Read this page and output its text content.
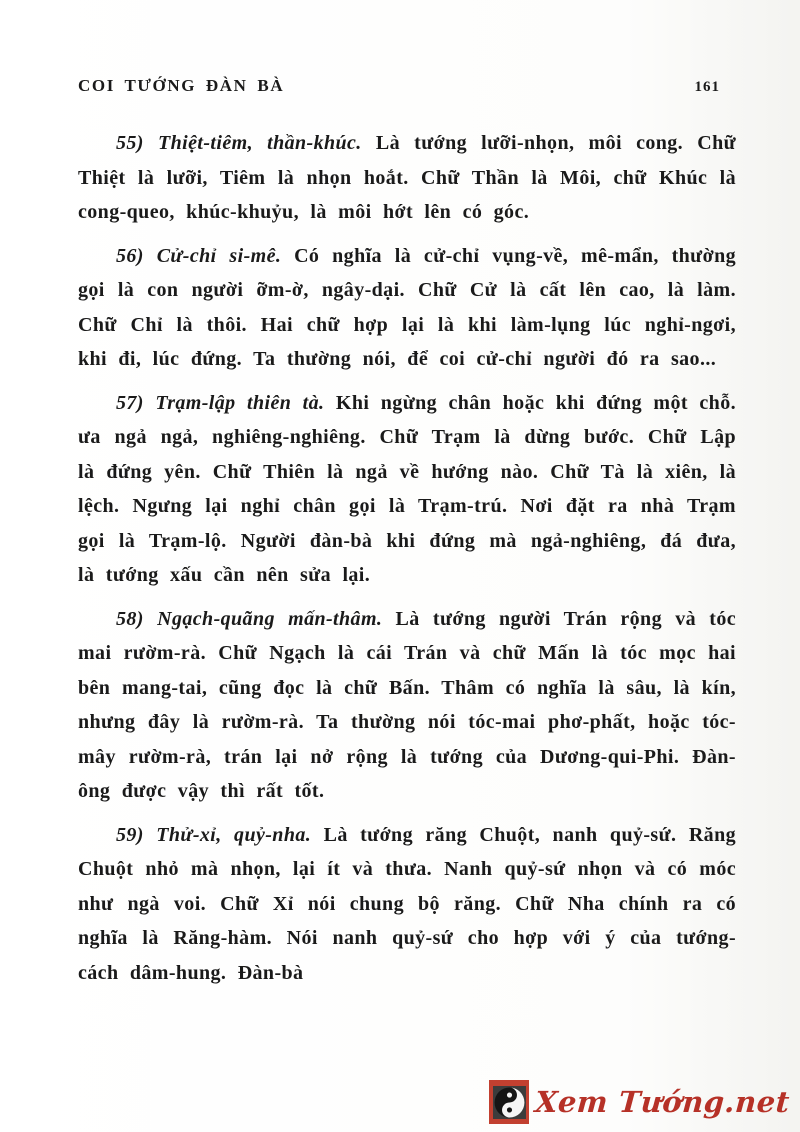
COI TƯỚNG ĐÀN BÀ	161

55) Thiệt-tiêm, thần-khúc. Là tướng lưỡi-nhọn, môi cong. Chữ Thiệt là lưỡi, Tiêm là nhọn hoắt. Chữ Thần là Môi, chữ Khúc là cong-queo, khúc-khuỷu, là môi hớt lên có góc.

56) Cử-chỉ si-mê. Có nghĩa là cử-chỉ vụng-về, mê-mẩn, thường gọi là con người ỡm-ờ, ngây-dại. Chữ Cử là cất lên cao, là làm. Chữ Chỉ là thôi. Hai chữ hợp lại là khi làm-lụng lúc nghỉ-ngơi, khi đi, lúc đứng. Ta thường nói, để coi cử-chỉ người đó ra sao...

57) Trạm-lập thiên tà. Khi ngừng chân hoặc khi đứng một chỗ. ưa ngả ngả, nghiêng-nghiêng. Chữ Trạm là dừng bước. Chữ Lập là đứng yên. Chữ Thiên là ngả về hướng nào. Chữ Tà là xiên, là lệch. Ngưng lại nghỉ chân gọi là Trạm-trú. Nơi đặt ra nhà Trạm gọi là Trạm-lộ. Người đàn-bà khi đứng mà ngả-nghiêng, đá đưa, là tướng xấu cần nên sửa lại.

58) Ngạch-quãng mấn-thâm. Là tướng người Trán rộng và tóc mai rườm-rà. Chữ Ngạch là cái Trán và chữ Mấn là tóc mọc hai bên mang-tai, cũng đọc là chữ Bấn. Thâm có nghĩa là sâu, là kín, nhưng đây là rườm-rà. Ta thường nói tóc-mai phơ-phất, hoặc tóc-mây rườm-rà, trán lại nở rộng là tướng của Dương-qui-Phi. Đàn-ông được vậy thì rất tốt.

59) Thử-xỉ, quỷ-nha. Là tướng răng Chuột, nanh quỷ-sứ. Răng Chuột nhỏ mà nhọn, lại ít và thưa. Nanh quỷ-sứ nhọn và có móc như ngà voi. Chữ Xỉ nói chung bộ răng. Chữ Nha chính ra có nghĩa là Răng-hàm. Nói nanh quỷ-sứ cho hợp với ý của tướng-cách dâm-hung. Đàn-bà

Xem Tướng.net
